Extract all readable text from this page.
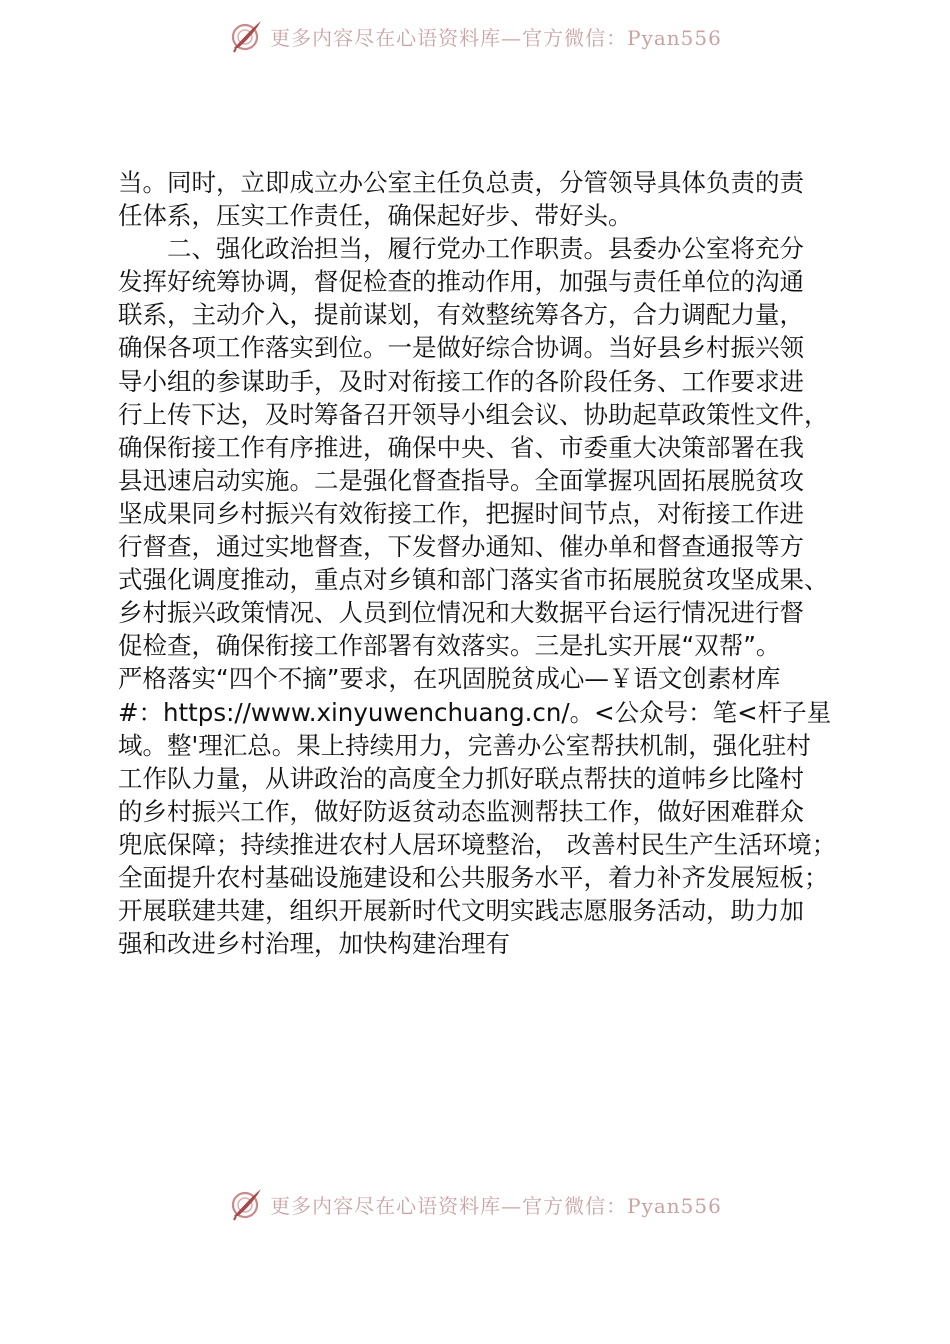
更多内容尽在心语资料库—官方微信：Pyan556
当。同时，立即成立办公室主任负总责，分管领导具体负责的责
任体系，压实工作责任，确保起好步、带好头。
　　二、强化政治担当，履行党办工作职责。县委办公室将充分
发挥好统筹协调，督促检查的推动作用，加强与责任单位的沟通
联系，主动介入，提前谋划，有效整统筹各方，合力调配力量，
确保各项工作落实到位。一是做好综合协调。当好县乡村振兴领
导小组的参谋助手，及时对衔接工作的各阶段任务、工作要求进
行上传下达，及时筹备召开领导小组会议、协助起草政策性文件，
确保衔接工作有序推进，确保中央、省、市委重大决策部署在我
县迅速启动实施。二是强化督查指导。全面掌握巩固拓展脱贫攻
坚成果同乡村振兴有效衔接工作，把握时间节点，对衔接工作进
行督查，通过实地督查，下发督办通知、催办单和督查通报等方
式强化调度推动，重点对乡镇和部门落实省市拓展脱贫攻坚成果、
乡村振兴政策情况、人员到位情况和大数据平台运行情况进行督
促检查，确保衔接工作部署有效落实。三是扎实开展“双帮”。
严格落实“四个不摘”要求，在巩固脱贫成心—￥语文创素材库
#：https://www.xinyuwenchuang.cn/。<公众号：笔<杆子星
域。整'理汇总。果上持续用力，完善办公室帮扶机制，强化驻村
工作队力量，从讲政治的高度全力抓好联点帮扶的道帏乡比隆村
的乡村振兴工作，做好防返贫动态监测帮扶工作，做好困难群众
兜底保障；持续推进农村人居环境整治， 改善村民生产生活环境；
全面提升农村基础设施建设和公共服务水平，着力补齐发展短板；
开展联建共建，组织开展新时代文明实践志愿服务活动，助力加
强和改进乡村治理，加快构建治理有
更多内容尽在心语资料库—官方微信：Pyan556
